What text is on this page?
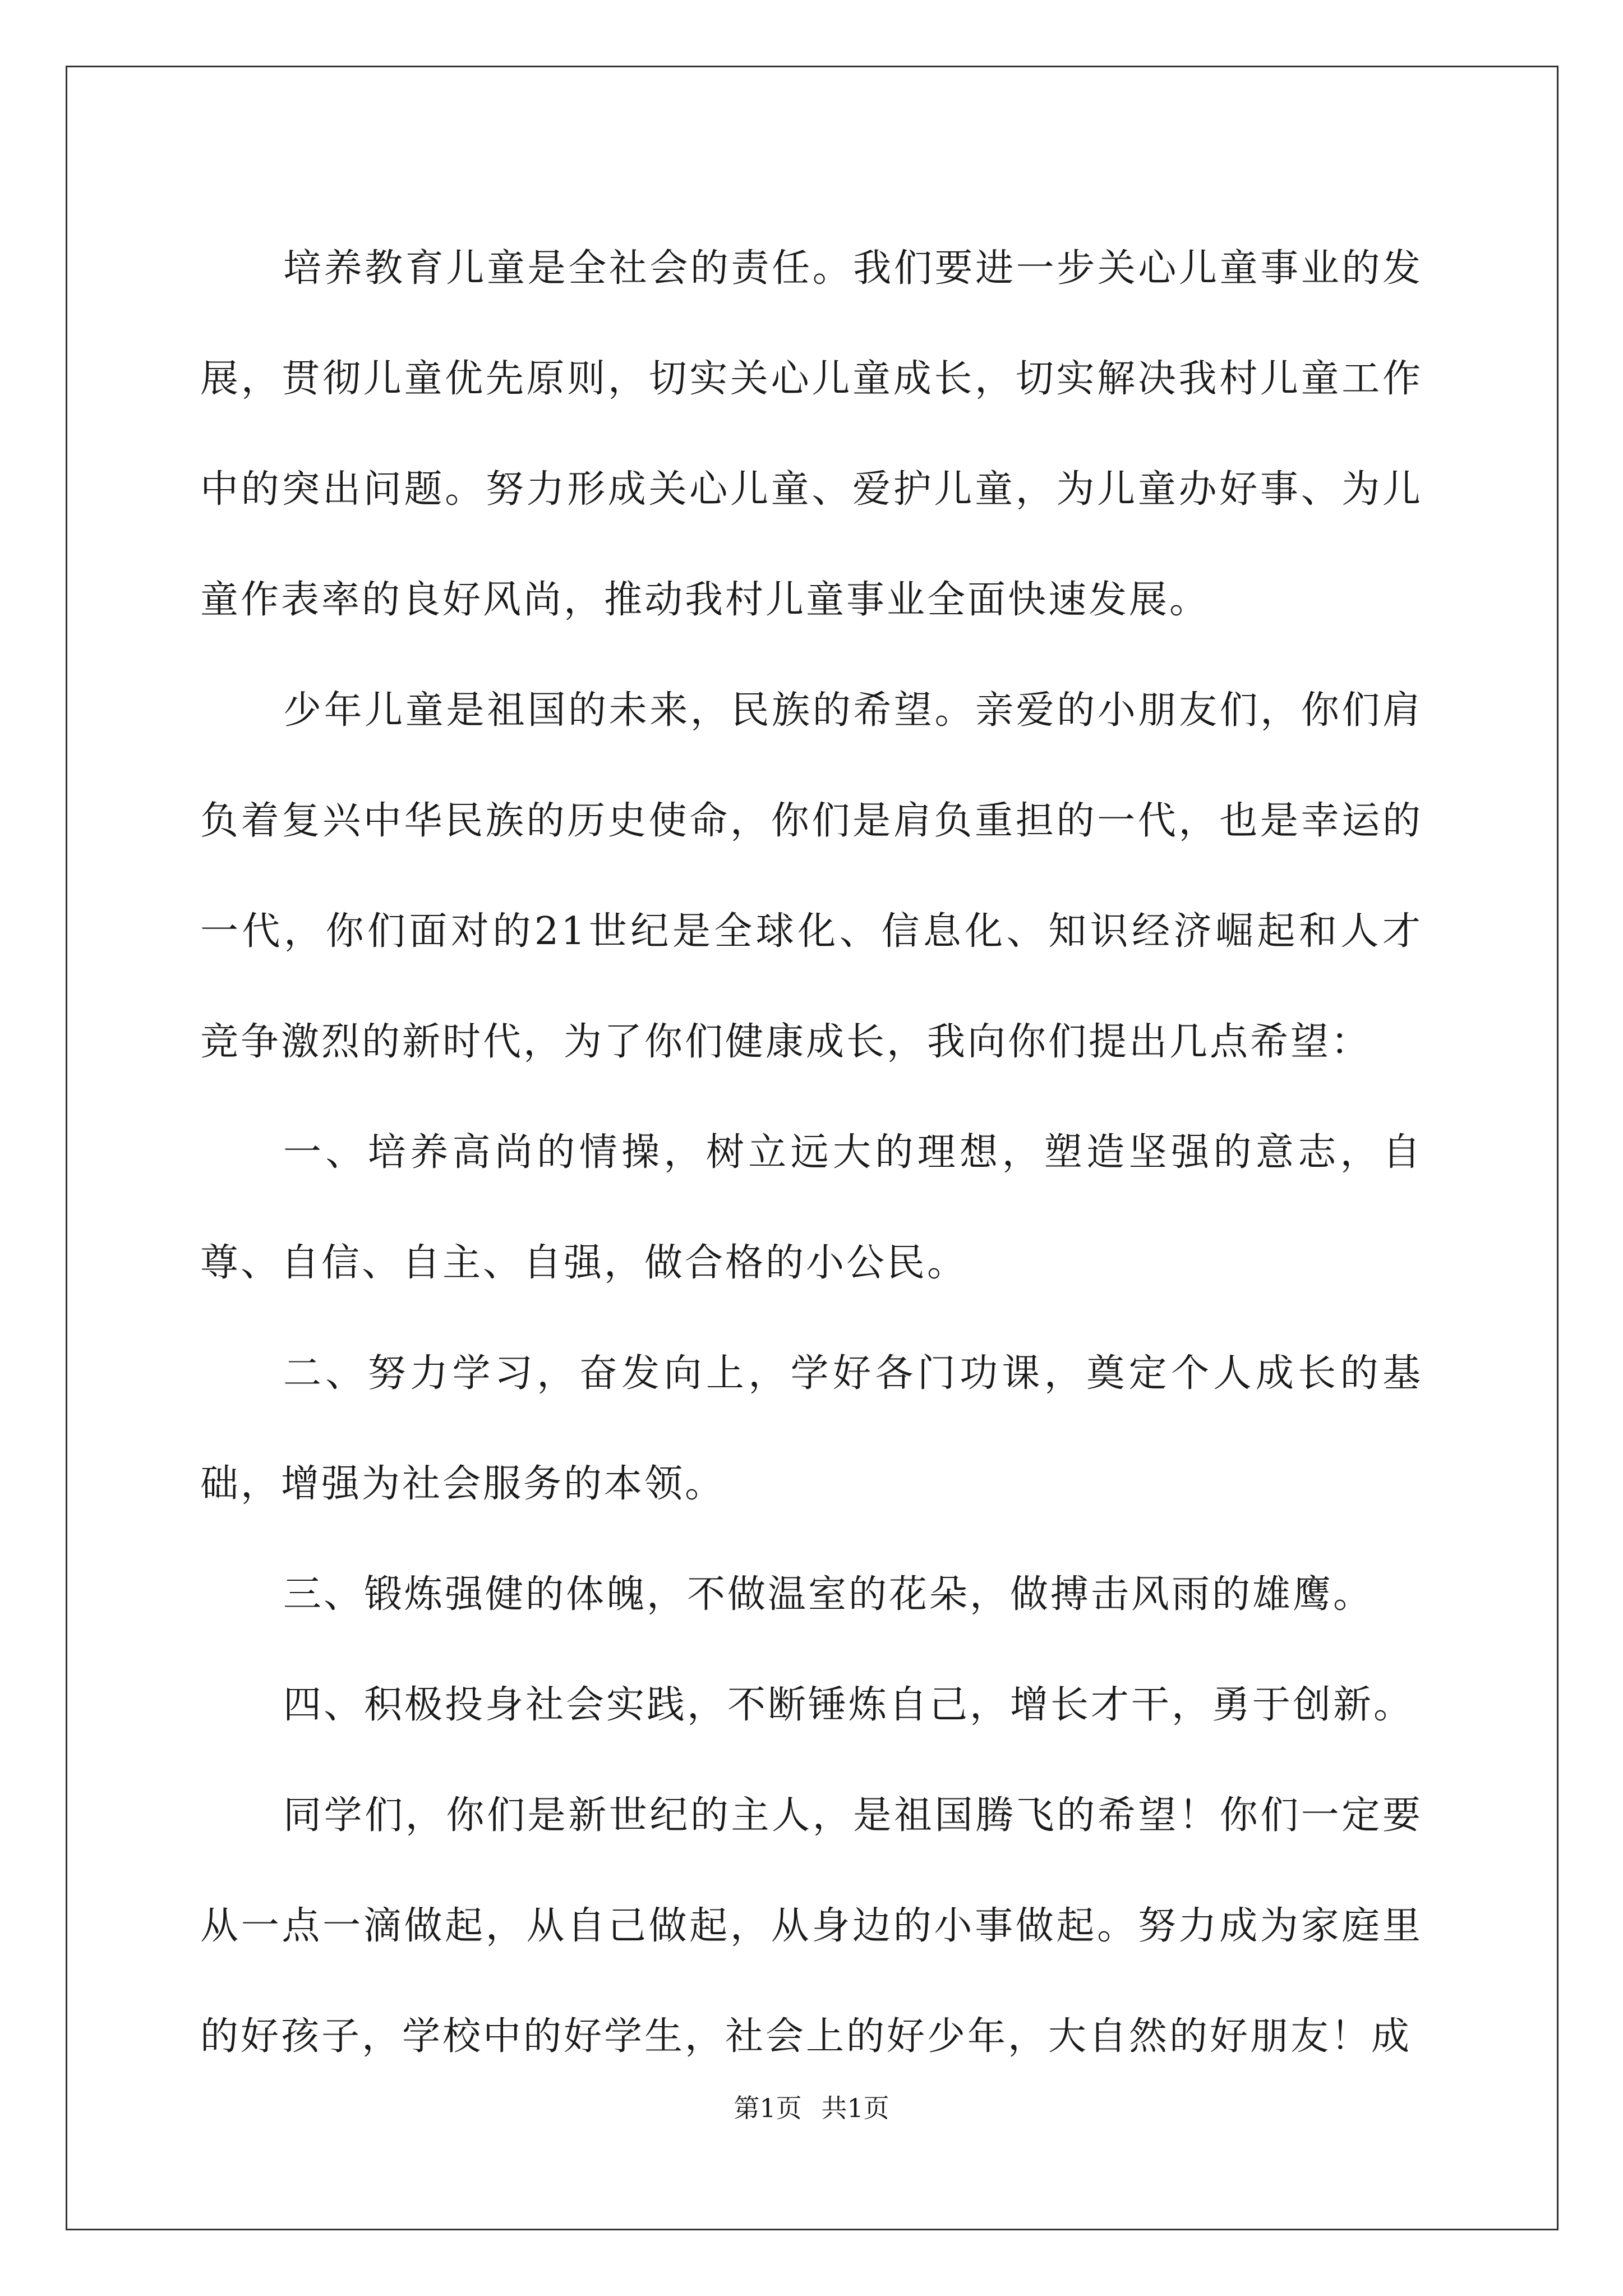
培养教育儿童是全社会的责任。我们要进一步关心儿童事业的发展，贯彻儿童优先原则，切实关心儿童成长，切实解决我村儿童工作中的突出问题。努力形成关心儿童、爱护儿童，为儿童办好事、为儿童作表率的良好风尚，推动我村儿童事业全面快速发展。

少年儿童是祖国的未来，民族的希望。亲爱的小朋友们，你们肩负着复兴中华民族的历史使命，你们是肩负重担的一代，也是幸运的一代，你们面对的21世纪是全球化、信息化、知识经济崛起和人才竞争激烈的新时代，为了你们健康成长，我向你们提出几点希望：

一、培养高尚的情操，树立远大的理想，塑造坚强的意志，自尊、自信、自主、自强，做合格的小公民。

二、努力学习，奋发向上，学好各门功课，奠定个人成长的基础，增强为社会服务的本领。

三、锻炼强健的体魄，不做温室的花朵，做搏击风雨的雄鹰。

四、积极投身社会实践，不断锤炼自己，增长才干，勇于创新。

同学们，你们是新世纪的主人，是祖国腾飞的希望！你们一定要从一点一滴做起，从自己做起，从身边的小事做起。努力成为家庭里的好孩子，学校中的好学生，社会上的好少年，大自然的好朋友！成

第1页 共1页
